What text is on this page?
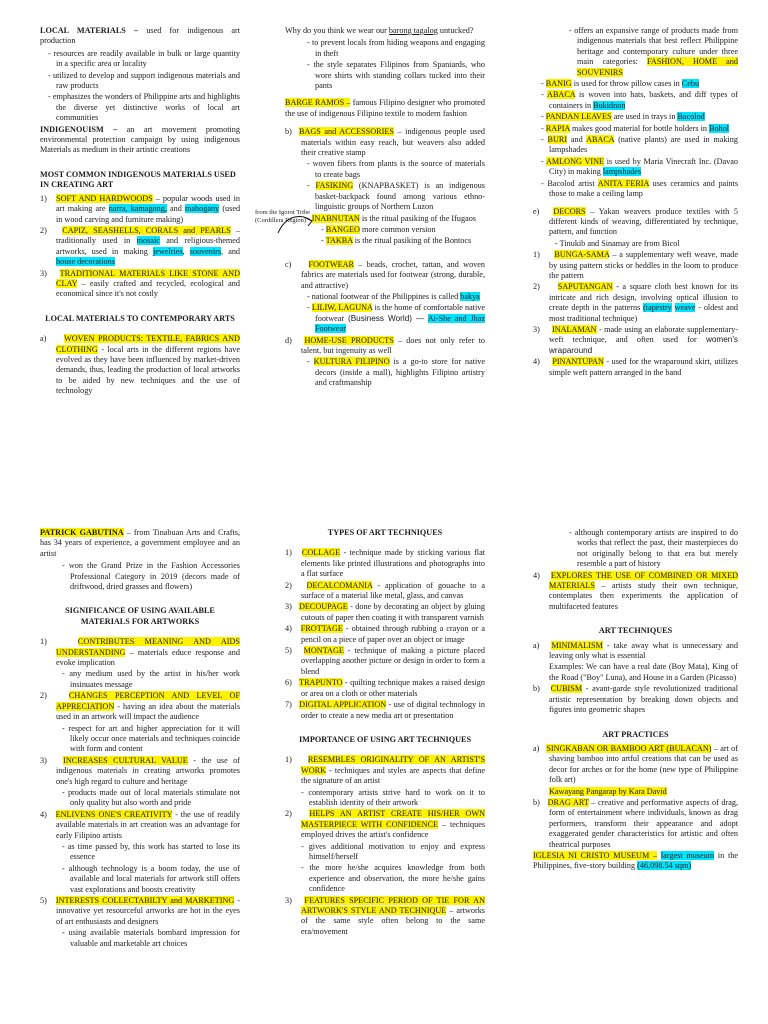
LOCAL MATERIALS – used for indigenous art production
- resources are readily available in bulk or large quantity in a specific area or locality
- utilized to develop and support indigenous materials and raw products
- emphasizes the wonders of Philippine arts and highlights the diverse yet distinctive works of local art communities
INDIGENOUISM – an art movement promoting environmental protection campaign by using indigenous Materials as medium in their artistic creations
MOST COMMON INDIGENOUS MATERIALS USED IN CREATING ART
1)   SOFT AND HARDWOODS – popular woods used in art making are narra, kamagong, and mahogany (used in wood carving and furniture making)
2)   CAPIZ, SEASHELLS, CORALS and PEARLS – traditionally used in mosaic and religious-themed artworks, used in making jewelries, souvenirs, and house decorations
3)   TRADITIONAL MATERIALS LIKE STONE AND CLAY – easily crafted and recycled, ecological and economical since it's not costly
LOCAL MATERIALS TO CONTEMPORARY ARTS
a)     WOVEN PRODUCTS: TEXTILE, FABRICS AND CLOTHING - local arts in the different regions have evolved as they have been influenced by market-driven demands, thus, leading the production of local artworks to be aided by new techniques and the use of technology
Why do you think we wear our barong tagalog untucked?
- to prevent locals from hiding weapons and engaging in theft
- the style separates Filipinos from Spaniards, who wore shirts with standing collars tucked into their pants
BARGE RAMOS – famous Filipino designer who promoted the use of indigenous Filipino textile to modern fashion
b)  BAGS and ACCESSORIES – indigenous people used materials within easy reach, but weavers also added their creative stamp
- woven fibers from plants is the source of materials to create bags
- FASIKING (KNAPBASKET) is an indigenous basket-backpack found among various ethno-linguistic groups of Northern Luzon
- INABNUTAN is the ritual pasiking of the Ifugaos
- BANGEO more common version
- TAKBA is the ritual pasiking of the Bontocs
c)    FOOTWEAR – beads, crochet, rattan, and woven fabrics are materials used for footwear (strong, durable, and attractive)
- national footwear of the Philippines is called bakya
- LILIW, LAGUNA is the home of comfortable native footwear (Business World) — Ai-She and Jhaz Footwear
d)   HOME-USE PRODUCTS – does not only refer to talent, but ingenuity as well
- KULTURA FILIPINO is a go-to store for native decors (inside a mall), highlights Filipino artistry and craftmanship
from the Igorot Tribe (Cordillera Region)
- offers an expansive range of products made from indigenous materials that best reflect Philippine heritage and contemporary culture under three main categories: FASHION, HOME and SOUVENIRS
- BANIG is used for throw pillow cases in Cebu
- ABACA is woven into hats, baskets, and diff types of containers in Bukidnon
- PANDAN LEAVES are used in trays in Bacolod
- RAPIA makes good material for bottle holders in Bohol
- BURI and ABACA (native plants) are used in making lampshades
- AMLONG VINE is used by Maria Vinecraft Inc. (Davao City) in making lampshades
- Bacolod artist ANITA FERIA uses ceramics and paints those to make a ceiling lamp
e)   DECORS – Yakan weavers produce textiles with 5 different kinds of weaving, differentiated by technique, pattern, and function
- Tinukib and Sinamay are from Bicol
1)     BUNGA-SAMA – a supplementary weft weave, made by using pattern sticks or heddles in the loom to produce the pattern
2)     SAPUTANGAN - a square cloth best known for its intricate and rich design, involving optical illusion to create depth in the patterns (tapestry weave - oldest and most traditional technique)
3)     INALAMAN - made using an elaborate supplementary-weft technique, and often used for women's wraparound
4)     PINANTUPAN - used for the wraparound skirt, utilizes simple weft pattern arranged in the band
PATRICK GABUTINA – from Tinabuan Arts and Crafts, has 34 years of experience, a government employee and an artist
- won the Grand Prize in the Fashion Accessories Professional Category in 2019 (decors made of driftwood, dried grasses and flowers)
SIGNIFICANCE OF USING AVAILABLE MATERIALS FOR ARTWORKS
1)   CONTRIBUTES MEANING AND AIDS UNDERSTANDING – materials educe response and evoke implication
- any medium used by the artist in his/her work insinuates message
2)   CHANGES PERCEPTION AND LEVEL OF APPRECIATION - having an idea about the materials used in an artwork will impact the audience
- respect for art and higher appreciation for it will likely occur once materials and techniques coincide with form and content
3)   INCREASES CULTURAL VALUE - the use of indigenous materials in creating artworks promotes one's high regard to culture and heritage
- products made out of local materials stimulate not only quality but also worth and pride
4)   ENLIVENS ONE'S CREATIVITY - the use of readily available materials in art creation was an advantage for early Filipino artists
- as time passed by, this work has started to lose its essence
- although technology is a boom today, the use of available and local materials for artwork still offers vast explorations and boosts creativity
5)   INTERESTS COLLECTABILTY and MARKETING - innovative yet resourceful artworks are hot in the eyes of art enthusiasts and designers
- using available materials bombard impression for valuable and marketable art choices
TYPES OF ART TECHNIQUES
1)   COLLAGE - technique made by sticking various flat elements like printed illustrations and photographs into a flat surface
2)   DECALCOMANIA - application of gouache to a surface of a material like metal, glass, and canvas
3)   DECOUPAGE - done by decorating an object by gluing cutouts of paper then coating it with transparent varnish
4)   FROTTAGE - obtained through rubbing a crayon or a pencil on a piece of paper over an object or image
5)   MONTAGE - technique of making a picture placed overlapping another picture or design in order to form a blend
6)   TRAPUNTO - quilting technique makes a raised design or area on a cloth or other materials
7)   DIGITAL APPLICATION - use of digital technology in order to create a new media art or presentation
IMPORTANCE OF USING ART TECHNIQUES
1)   RESEMBLES ORIGINALITY OF AN ARTIST'S WORK - techniques and styles are aspects that define the signature of an artist
- contemporary artists strive hard to work on it to establish identity of their artwork
2)   HELPS AN ARTIST CREATE HIS/HER OWN MASTERPIECE WITH CONFIDENCE – techniques employed drives the artist's confidence
- gives additional motivation to enjoy and express himself/herself
- the more he/she acquires knowledge from both experience and observation, the more he/she gains confidence
3)   FEATURES SPECIFIC PERIOD OF TIE FOR AN ARTWORK'S STYLE AND TECHNIQUE – artworks of the same style often belong to the same era/movement
- although contemporary artists are inspired to do works that reflect the past, their masterpieces do not originally belong to that era but merely resemble a part of history
4)   EXPLORES THE USE OF COMBINED OR MIXED MATERIALS – artists study their own technique, contemplates then experiments the application of multifaceted features
ART TECHNIQUES
a)   MINIMALISM - take away what is unnecessary and leaving only what is essential
Examples: We can have a real date (Boy Mata), King of the Road ("Boy" Luna), and House in a Garden (Picasso)
b)   CUBISM - avant-garde style revolutionized traditional artistic representation by breaking down objects and figures into geometric shapes
ART PRACTICES
a)   SINGKABAN OR BAMBOO ART (BULACAN) – art of shaving bamboo into artful creations that can be used as decor for arches or for the home (new type of Philippine folk art)
Kawayang Pangarap by Kara David
b)   DRAG ART – creative and performative aspects of drag, form of entertainment where individuals, known as drag performers, transform their appearance and adopt exaggerated gender characteristics for artistic and often theatrical purposes
IGLESIA NI CRISTO MUSEUM – largest museum in the Philippines, five-story building (46,098.54 sqm)
